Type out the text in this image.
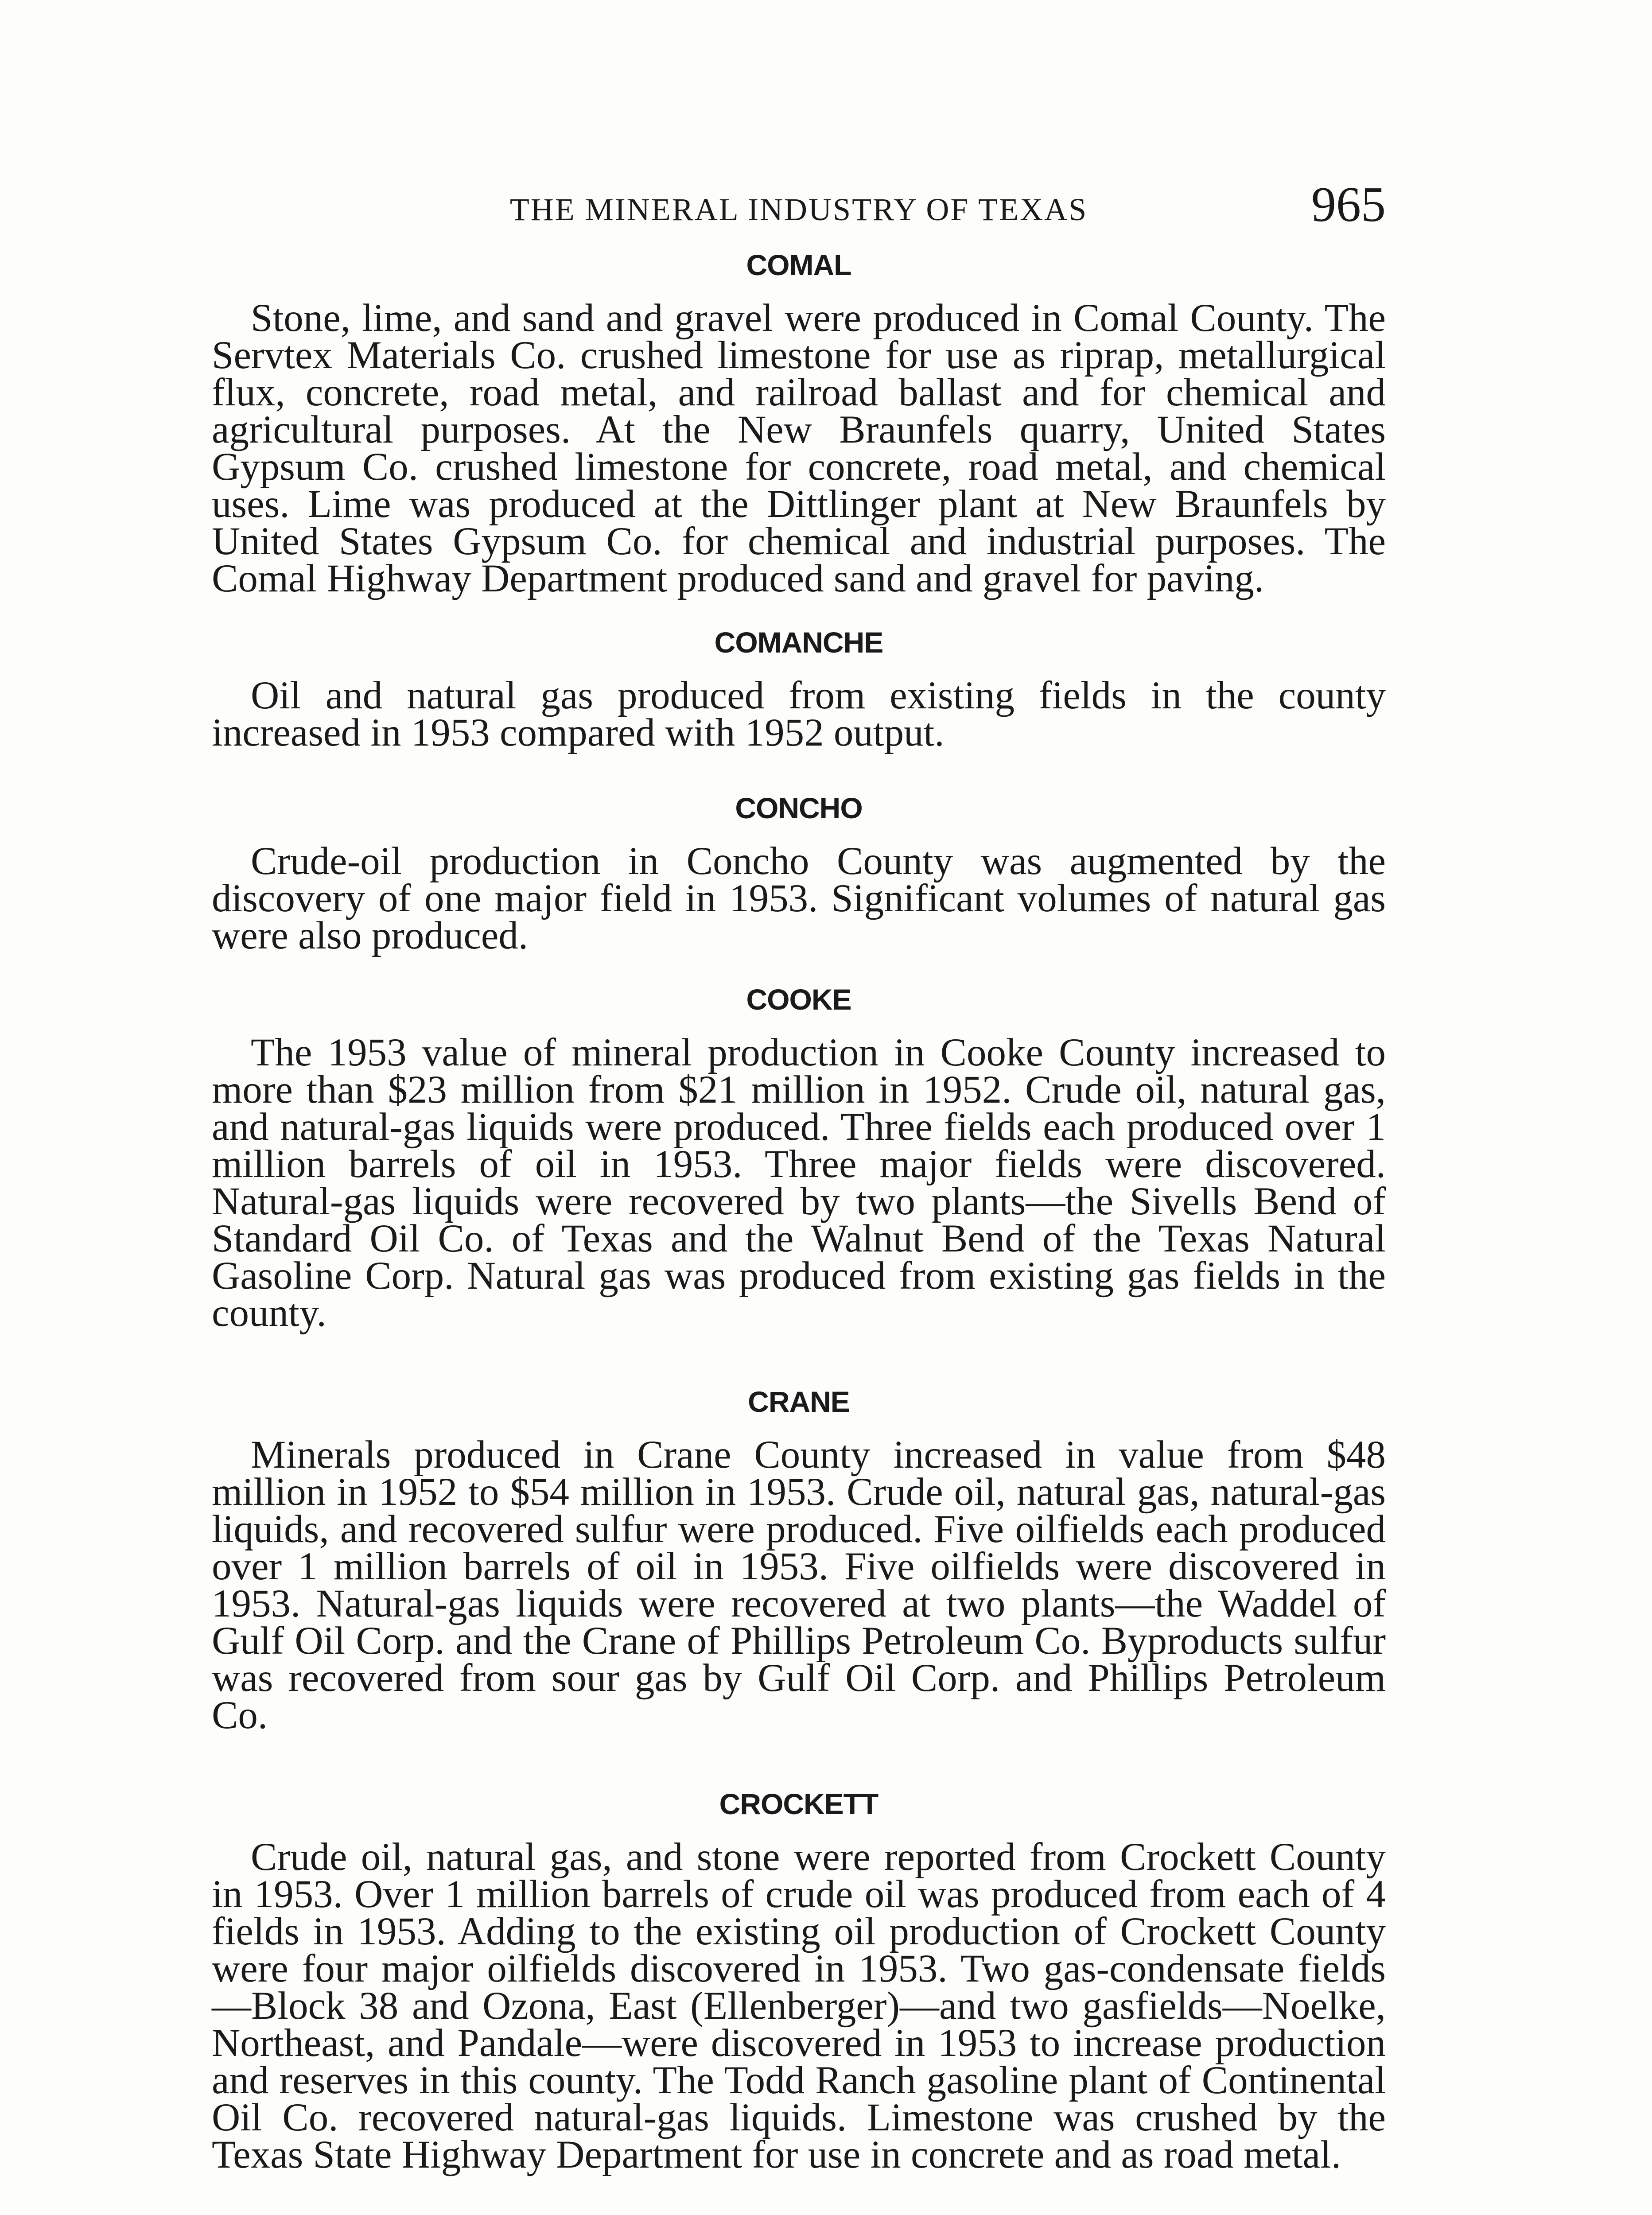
THE MINERAL INDUSTRY OF TEXAS	965
COMAL

Stone, lime, and sand and gravel were produced in Comal County. The Servtex Materials Co. crushed limestone for use as riprap, metallurgical flux, concrete, road metal, and railroad ballast and for chemical and agricultural purposes. At the New Braunfels quarry, United States Gypsum Co. crushed limestone for concrete, road metal, and chemical uses. Lime was produced at the Dittlinger plant at New Braunfels by United States Gypsum Co. for chemical and industrial purposes. The Comal Highway Department produced sand and gravel for paving.

COMANCHE

Oil and natural gas produced from existing fields in the county increased in 1953 compared with 1952 output.

CONCHO

Crude-oil production in Concho County was augmented by the discovery of one major field in 1953. Significant volumes of natural gas were also produced.

COOKE

The 1953 value of mineral production in Cooke County increased to more than $23 million from $21 million in 1952. Crude oil, natural gas, and natural-gas liquids were produced. Three fields each produced over 1 million barrels of oil in 1953. Three major fields were discovered. Natural-gas liquids were recovered by two plants—the Sivells Bend of Standard Oil Co. of Texas and the Walnut Bend of the Texas Natural Gasoline Corp. Natural gas was produced from existing gas fields in the county.

CRANE

Minerals produced in Crane County increased in value from $48 million in 1952 to $54 million in 1953. Crude oil, natural gas, natural-gas liquids, and recovered sulfur were produced. Five oilfields each produced over 1 million barrels of oil in 1953. Five oilfields were discovered in 1953. Natural-gas liquids were recovered at two plants—the Waddel of Gulf Oil Corp. and the Crane of Phillips Petroleum Co. Byproducts sulfur was recovered from sour gas by Gulf Oil Corp. and Phillips Petroleum Co.

CROCKETT

Crude oil, natural gas, and stone were reported from Crockett County in 1953. Over 1 million barrels of crude oil was produced from each of 4 fields in 1953. Adding to the existing oil production of Crockett County were four major oilfields discovered in 1953. Two gas-condensate fields—Block 38 and Ozona, East (Ellenberger)—and two gasfields—Noelke, Northeast, and Pandale—were discovered in 1953 to increase production and reserves in this county. The Todd Ranch gasoline plant of Continental Oil Co. recovered natural-gas liquids. Limestone was crushed by the Texas State Highway Department for use in concrete and as road metal.
